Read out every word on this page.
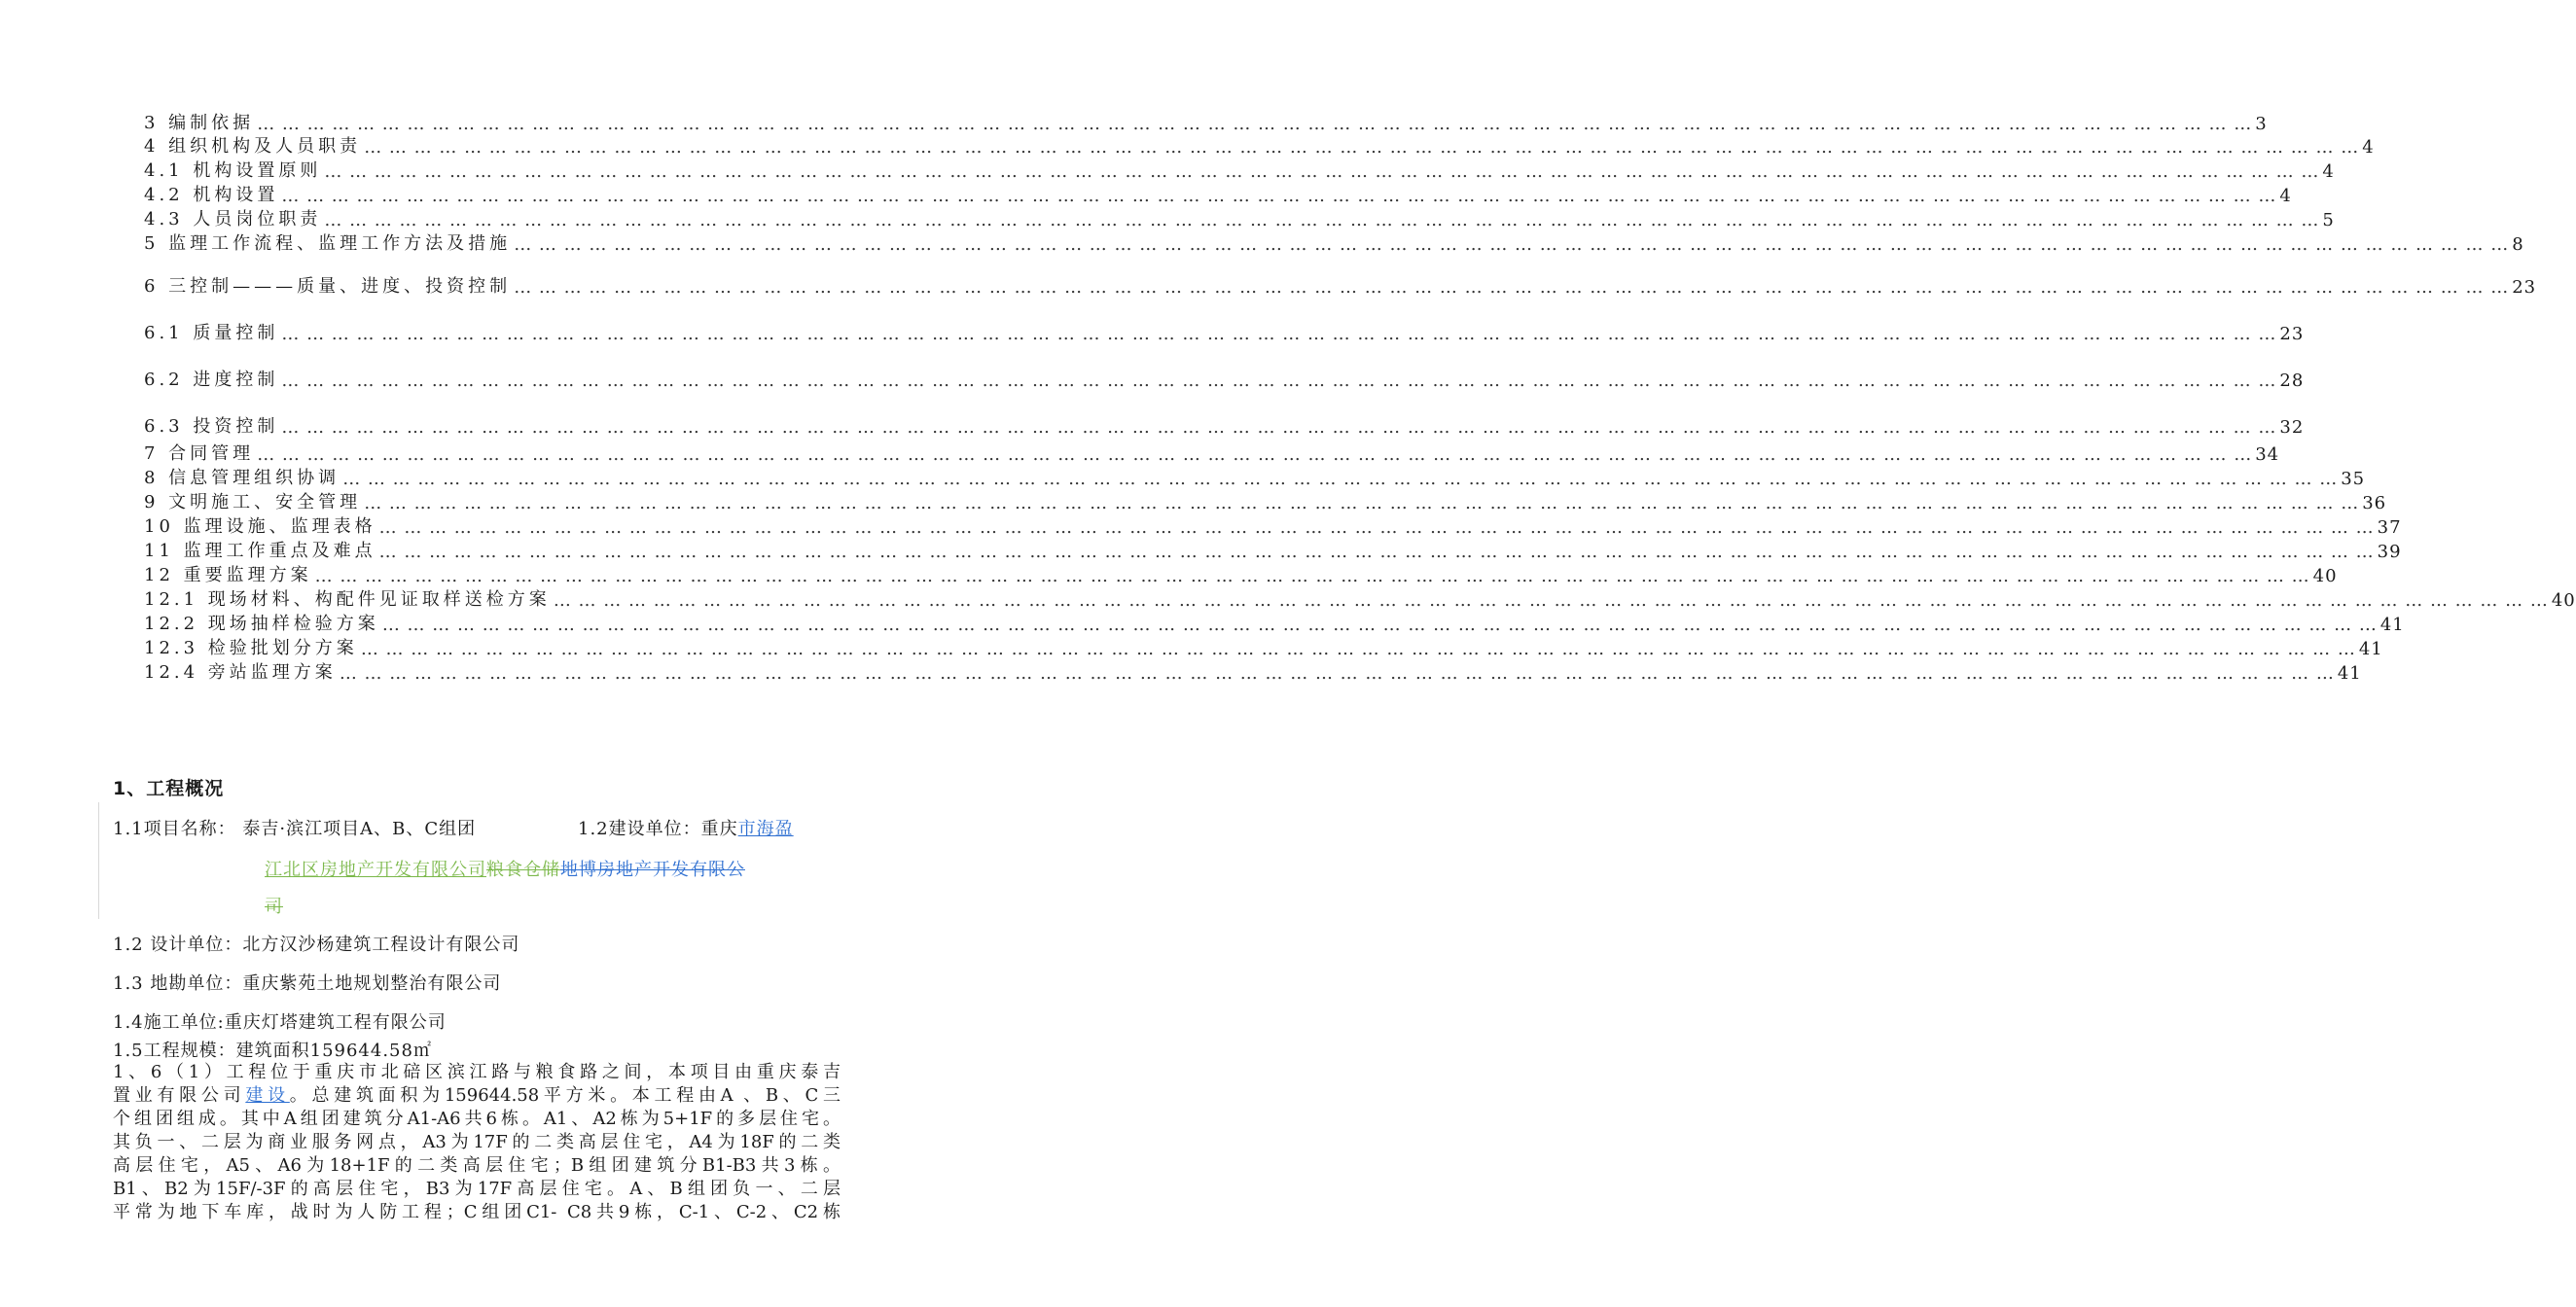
3 编制依据 … … … … … … … … … … … … … … … … … … … … … … … … … … … … … … … … … … … … … … … … … … … … … … … … … … … … … … … … … … … … … … … … … … … … … … … … … … … … … … … … 3
4 组织机构及人员职责 … … … … … … … … … … … … … … … … … … … … … … … … … … … … … … … … … … … … … … … … … … … … … … … … … … … … … … … … … … … … … … … … … … … … … … … … … … … … … … … … 4
4.1 机构设置原则 … … … … … … … … … … … … … … … … … … … … … … … … … … … … … … … … … … … … … … … … … … … … … … … … … … … … … … … … … … … … … … … … … … … … … … … … … … … … … … … … 4
4.2 机构设置 … … … … … … … … … … … … … … … … … … … … … … … … … … … … … … … … … … … … … … … … … … … … … … … … … … … … … … … … … … … … … … … … … … … … … … … … … … … … … … … … 4
4.3 人员岗位职责 … … … … … … … … … … … … … … … … … … … … … … … … … … … … … … … … … … … … … … … … … … … … … … … … … … … … … … … … … … … … … … … … … … … … … … … … … … … … … … … … 5
5 监理工作流程、监理工作方法及措施 … … … … … … … … … … … … … … … … … … … … … … … … … … … … … … … … … … … … … … … … … … … … … … … … … … … … … … … … … … … … … … … … … … … … … … … … … … … … … … … … 8
6 三控制———质量、进度、投资控制 … … … … … … … … … … … … … … … … … … … … … … … … … … … … … … … … … … … … … … … … … … … … … … … … … … … … … … … … … … … … … … … … … … … … … … … … … … … … … … … … 23
6.1 质量控制 … … … … … … … … … … … … … … … … … … … … … … … … … … … … … … … … … … … … … … … … … … … … … … … … … … … … … … … … … … … … … … … … … … … … … … … … … … … … … … … … 23
6.2 进度控制 … … … … … … … … … … … … … … … … … … … … … … … … … … … … … … … … … … … … … … … … … … … … … … … … … … … … … … … … … … … … … … … … … … … … … … … … … … … … … … … … 28
6.3 投资控制 … … … … … … … … … … … … … … … … … … … … … … … … … … … … … … … … … … … … … … … … … … … … … … … … … … … … … … … … … … … … … … … … … … … … … … … … … … … … … … … … 32
7 合同管理 … … … … … … … … … … … … … … … … … … … … … … … … … … … … … … … … … … … … … … … … … … … … … … … … … … … … … … … … … … … … … … … … … … … … … … … … … … … … … … … … 34
8 信息管理组织协调 … … … … … … … … … … … … … … … … … … … … … … … … … … … … … … … … … … … … … … … … … … … … … … … … … … … … … … … … … … … … … … … … … … … … … … … … … … … … … … … … 35
9 文明施工、安全管理 … … … … … … … … … … … … … … … … … … … … … … … … … … … … … … … … … … … … … … … … … … … … … … … … … … … … … … … … … … … … … … … … … … … … … … … … … … … … … … … … 36
10 监理设施、监理表格 … … … … … … … … … … … … … … … … … … … … … … … … … … … … … … … … … … … … … … … … … … … … … … … … … … … … … … … … … … … … … … … … … … … … … … … … … … … … … … … … 37
11 监理工作重点及难点 … … … … … … … … … … … … … … … … … … … … … … … … … … … … … … … … … … … … … … … … … … … … … … … … … … … … … … … … … … … … … … … … … … … … … … … … … … … … … … … … 39
12 重要监理方案 … … … … … … … … … … … … … … … … … … … … … … … … … … … … … … … … … … … … … … … … … … … … … … … … … … … … … … … … … … … … … … … … … … … … … … … … … … … … … … … … 40
12.1 现场材料、构配件见证取样送检方案 … … … … … … … … … … … … … … … … … … … … … … … … … … … … … … … … … … … … … … … … … … … … … … … … … … … … … … … … … … … … … … … … … … … … … … … … … … … … … … … … 40
12.2 现场抽样检验方案 … … … … … … … … … … … … … … … … … … … … … … … … … … … … … … … … … … … … … … … … … … … … … … … … … … … … … … … … … … … … … … … … … … … … … … … … … … … … … … … … 41
12.3 检验批划分方案 … … … … … … … … … … … … … … … … … … … … … … … … … … … … … … … … … … … … … … … … … … … … … … … … … … … … … … … … … … … … … … … … … … … … … … … … … … … … … … … … 41
12.4 旁站监理方案 … … … … … … … … … … … … … … … … … … … … … … … … … … … … … … … … … … … … … … … … … … … … … … … … … … … … … … … … … … … … … … … … … … … … … … … … … … … … … … … … 41
1、工程概况
1.1项目名称： 泰吉·滨江项目A、B、C组团	1.2建设单位：重庆市海盈
江北区房地产开发有限公司粮食仓储地博房地产开发有限公
司
1.2 设计单位：北方汉沙杨建筑工程设计有限公司
1.3 地勘单位：重庆紫苑土地规划整治有限公司
1.4施工单位:重庆灯塔建筑工程有限公司
1.5工程规模：建筑面积159644.58㎡
1、6（1）工程位于重庆市北碚区滨江路与粮食路之间，本项目由重庆泰吉
置业有限公司建设。总建筑面积为159644.58平方米。本工程由A 、B、C三
个组团组成。其中A组团建筑分A1-A6共6栋。A1、A2栋为5+1F的多层住宅。
其负一、二层为商业服务网点，A3为17F的二类高层住宅，A4为18F的二类
高层住宅，A5、A6为18+1F的二类高层住宅；B组团建筑分B1-B3共3栋。
B1、B2为15F/-3F的高层住宅，B3为17F高层住宅。A、B组团负一、二层
平常为地下车库，战时为人防工程；C组团C1- C8共9栋，C-1、C-2、C2栋
